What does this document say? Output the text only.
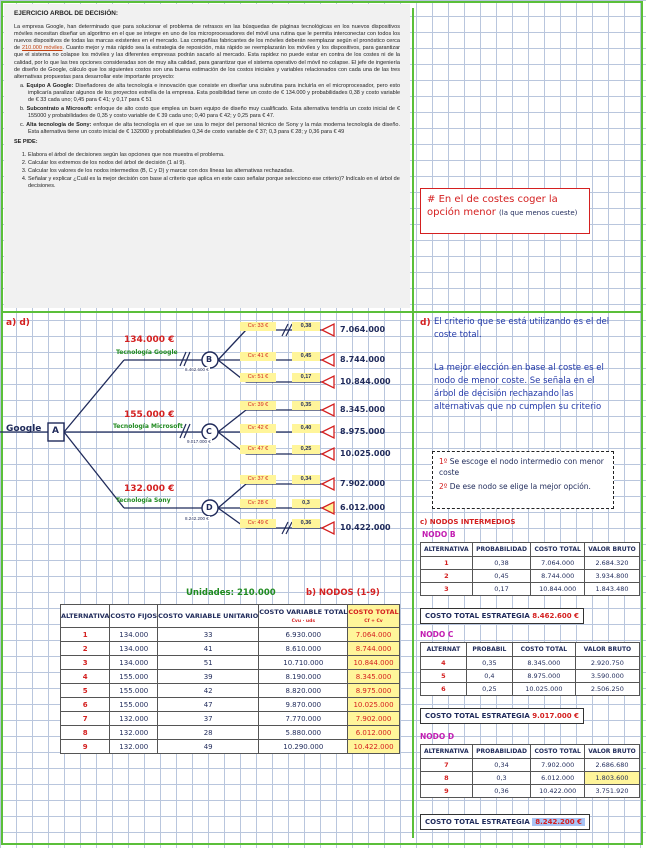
EJERCICIO ARBOL DE DECISIÓN:

La empresa Google, han determinado que para solucionar el problema de retrasos en las búsquedas de páginas tecnológicas en los nuevos dispositivos móviles necesitan diseñar un algoritmo en el que se integre en uno de los microprocesadores del móvil una rutina que le permita interconectar con todos los nuevos dispositivos de todas las marcas existentes en el mercado. Las compañías fabricantes de los móviles deberán reemplazar según el pronóstico cerca de 210.000 móviles. Cuanto mejor y más rápido sea la estrategia de reposición, más rápido se reemplazarán los móviles y los dispositivos, para garantizar que el sistema no colapse los móviles y las diferentes empresas podrán sacarlo al mercado. Esta rapidez no puede estar en contra de los costes ni de la calidad, por lo que las tres opciones consideradas son de muy alta calidad, para garantizar que el sistema operativo del móvil no colapse. El jefe de ingeniería de diseño de Google, cálculo que los siguientes costos son una buena estimación de los costos iniciales y variables relacionados con cada una de las tres alternativas propuestas para desarrollar este importante proyecto:

a. Equipo A Google: Diseñadores de alta tecnología e innovación que consiste en diseñar una subrutina para incluirla en el microprocesador, pero esto implicaría paralizar algunos de los proyectos estrella de la empresa. Esta posibilidad tiene un costo de € 134.000 y probabilidades 0,38 y costo variable de € 33 cada uno; 0,45 para € 41; y 0,17 para € 51
b. Subcontrato a Microsoft: enfoque de alto costo que emplea un buen equipo de diseño muy cualificado. Esta alternativa tendría un costo inicial de € 155000 y probabilidades de 0,35 y costo variable de € 39 cada uno; 0,40 para € 42; y 0,25 para € 47.
c. Alta tecnología de Sony: enfoque de alta tecnología en el que se usa lo mejor del personal técnico de Sony y la más moderna tecnología de diseño. Esta alternativa tiene un costo inicial de € 132000 y probabilidades 0,34 de costo variable de € 37; 0,3 para € 28; y 0,36 para € 49
SE PIDE:
1. Elabora el árbol de decisiones según las opciones que nos muestra el problema.
2. Calcular los extremos de los nodos del árbol de decisión (1 al 9).
3. Calcular los valores de los nodos intermedios (B, C y D) y marcar con dos líneas las alternativas rechazadas.
4. Señalar y explicar ¿Cuál es la mejor decisión con base al criterio que aplica en este caso señalar porque selecciono ese criterio)? Indícalo en el árbol de decisiones.
# En el de costes coger la opción menor (la que menos cueste)
a) d)
Google A
B
C
D
134.000 €
Tecnología Google
155.000 €
Tecnología Microsoft
132.000 €
Tecnología Sony
8.462.600 €
9.017.000 €
8.242.200 €
Cv: 33 €	0,38	7.064.000
Cv: 41 €	0,45	8.744.000
Cv: 51 €	0,17	10.844.000
Cv: 39 €	0,35	8.345.000
Cv: 42 €	0,40	8.975.000
Cv: 47 €	0,25	10.025.000
Cv: 37 €	0,34	7.902.000
Cv: 28 €	0,3	6.012.000
Cv: 49 €	0,36	10.422.000
Unidades: 210.000	b) NODOS (1-9)
ALTERNATIVA	COSTO FIJOS	COSTO VARIABLE UNITARIO	COSTO VARIABLE TOTAL
Cvu · uds	COSTO TOTAL
Cf + Cv
1	134.000	33	6.930.000	7.064.000
2	134.000	41	8.610.000	8.744.000
3	134.000	51	10.710.000	10.844.000
4	155.000	39	8.190.000	8.345.000
5	155.000	42	8.820.000	8.975.000
6	155.000	47	9.870.000	10.025.000
7	132.000	37	7.770.000	7.902.000
8	132.000	28	5.880.000	6.012.000
9	132.000	49	10.290.000	10.422.000
d) El criterio que se está utilizando es el del coste total.
La mejor elección en base al coste es el nodo de menor coste. Se señala en el árbol de decisión rechazando las alternativas que no cumplen su criterio
1º Se escoge el nodo intermedio con menor coste
2º De ese nodo se elige la mejor opción.
c) NODOS INTERMEDIOS
NODO B
ALTERNATIVA	PROBABILIDAD	COSTO TOTAL	VALOR BRUTO
1	0,38	7.064.000	2.684.320
2	0,45	8.744.000	3.934.800
3	0,17	10.844.000	1.843.480
COSTO TOTAL ESTRATEGIA 8.462.600 €
NODO C
ALTERNAT	PROBABIL	COSTO TOTAL	VALOR BRUTO
4	0,35	8.345.000	2.920.750
5	0,4	8.975.000	3.590.000
6	0,25	10.025.000	2.506.250
COSTO TOTAL ESTRATEGIA 9.017.000 €
NODO D
ALTERNATIVA	PROBABILIDAD	COSTO TOTAL	VALOR BRUTO
7	0,34	7.902.000	2.686.680
8	0,3	6.012.000	1.803.600
9	0,36	10.422.000	3.751.920
COSTO TOTAL ESTRATEGIA 8.242.200 €
